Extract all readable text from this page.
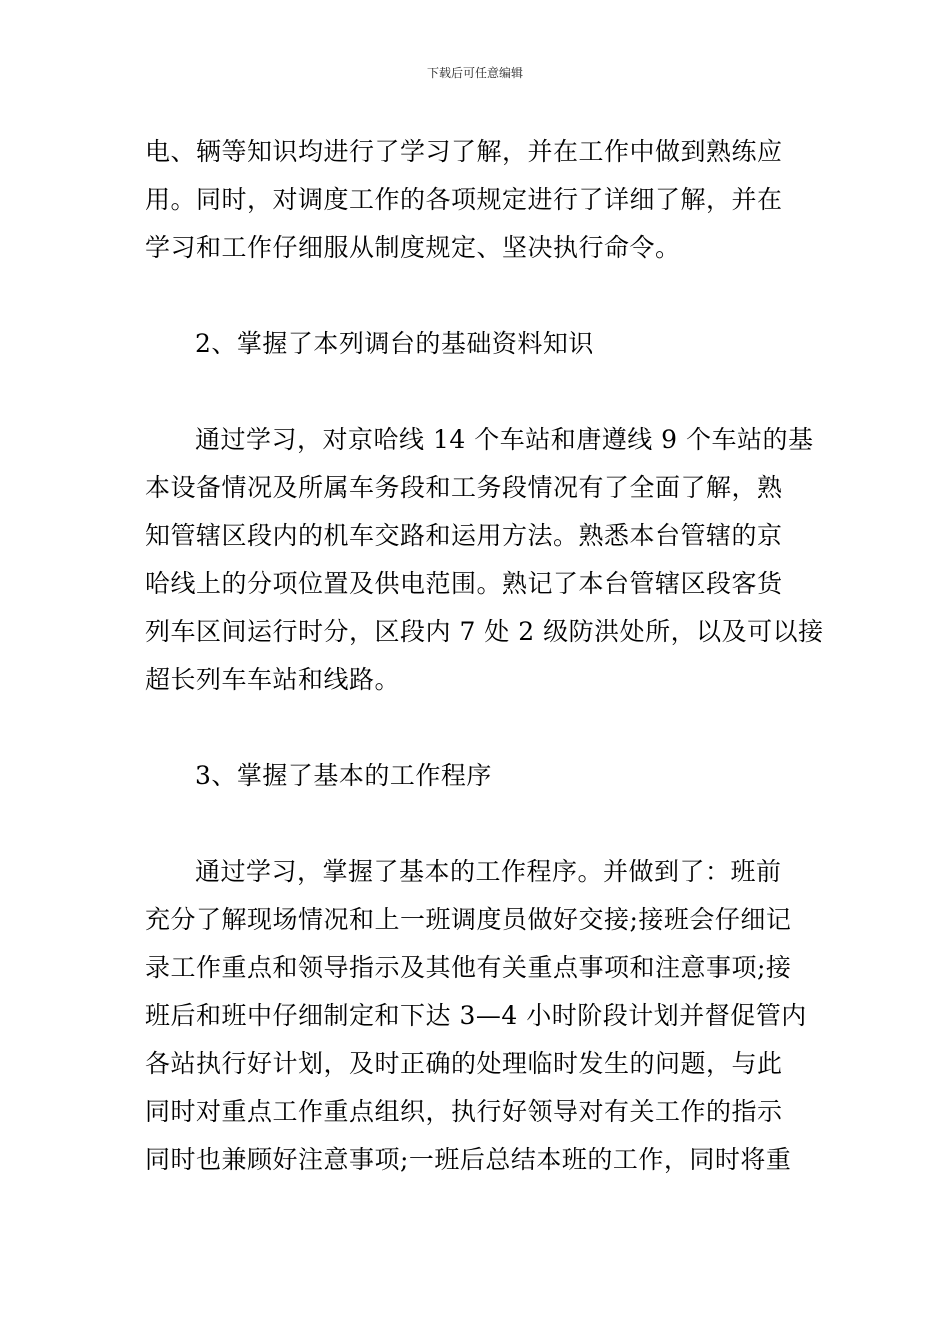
下载后可任意编辑
电、辆等知识均进行了学习了解，并在工作中做到熟练应
用。同时，对调度工作的各项规定进行了详细了解，并在
学习和工作仔细服从制度规定、坚决执行命令。
2、掌握了本列调台的基础资料知识
通过学习，对京哈线 14 个车站和唐遵线 9 个车站的基
本设备情况及所属车务段和工务段情况有了全面了解，熟
知管辖区段内的机车交路和运用方法。熟悉本台管辖的京
哈线上的分项位置及供电范围。熟记了本台管辖区段客货
列车区间运行时分，区段内 7 处 2 级防洪处所，以及可以接
超长列车车站和线路。
3、掌握了基本的工作程序
通过学习，掌握了基本的工作程序。并做到了：班前
充分了解现场情况和上一班调度员做好交接;接班会仔细记
录工作重点和领导指示及其他有关重点事项和注意事项;接
班后和班中仔细制定和下达 3—4 小时阶段计划并督促管内
各站执行好计划，及时正确的处理临时发生的问题，与此
同时对重点工作重点组织，执行好领导对有关工作的指示
同时也兼顾好注意事项;一班后总结本班的工作，同时将重
